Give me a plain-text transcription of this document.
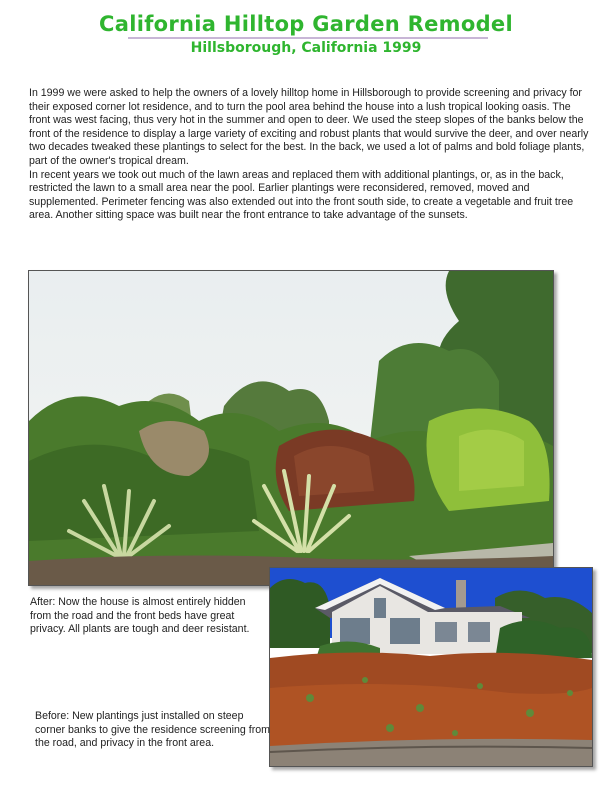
California Hilltop Garden Remodel
Hillsborough, California 1999

In 1999 we were asked to help the owners of a lovely hilltop home in Hillsborough to provide screening and privacy for their exposed corner lot residence, and to turn the pool area behind the house into a lush tropical looking oasis. The front was west facing, thus very hot in the summer and open to deer. We used the steep slopes of the banks below the front of the residence to display a large variety of exciting and robust plants that would survive the deer, and over nearly two decades tweaked these plantings to select for the best. In the back, we used a lot of palms and bold foliage plants, part of the owner's tropical dream.

In recent years we took out much of the lawn areas and replaced them with additional plantings, or, as in the back, restricted the lawn to a small area near the pool. Earlier plantings were reconsidered, removed, moved and supplemented. Perimeter fencing was also extended out into the front south side, to create a vegetable and fruit tree area. Another sitting space was built near the front entrance to take advantage of the sunsets.

After: Now the house is almost entirely hidden from the road and the front beds have great privacy. All plants are tough and deer resistant.
Before: New plantings just installed on steep corner banks to give the residence screening from the road, and privacy in the front area.
